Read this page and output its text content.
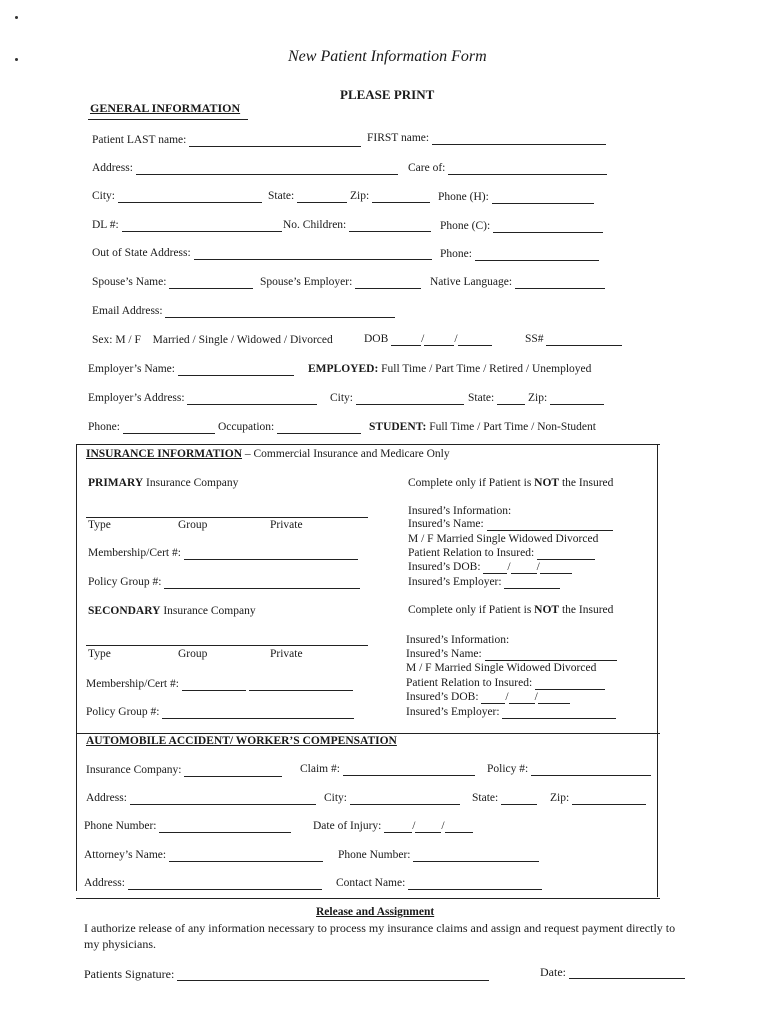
New Patient Information Form
PLEASE PRINT
GENERAL INFORMATION
Patient LAST name:	FIRST name:
Address:	Care of:
City:	State:	Zip:	Phone (H):
DL #:	No. Children:	Phone (C):
Out of State Address:	Phone:
Spouse’s Name:	Spouse’s Employer:	Native Language:
Email Address:
Sex: M / F Married / Single / Widowed / Divorced	DOB	/	/	SS#
Employer’s Name:	EMPLOYED: Full Time / Part Time / Retired / Unemployed
Employer’s Address:	City:	State:	Zip:
Phone:	Occupation:	STUDENT: Full Time / Part Time / Non-Student
INSURANCE INFORMATION – Commercial Insurance and Medicare Only
PRIMARY Insurance Company
Type	Group	Private
Membership/Cert #:
Policy Group #:
Complete only if Patient is NOT the Insured
Insured’s Information:
Insured’s Name:
M / F Married Single Widowed Divorced
Patient Relation to Insured:
Insured’s DOB: / /
Insured’s Employer:
SECONDARY Insurance Company
Type	Group	Private
Membership/Cert #:
Policy Group #:
Complete only if Patient is NOT the Insured
Insured’s Information:
Insured’s Name:
M / F Married Single Widowed Divorced
Patient Relation to Insured:
Insured’s DOB: / /
Insured’s Employer:
AUTOMOBILE ACCIDENT/ WORKER’S COMPENSATION
Insurance Company:	Claim #:	Policy #:
Address:	City:	State:	Zip:
Phone Number:	Date of Injury:	/ /
Attorney’s Name:	Phone Number:
Address:	Contact Name:
Release and Assignment
I authorize release of any information necessary to process my insurance claims and assign and request payment directly to
my physicians.
Patients Signature:	Date:
